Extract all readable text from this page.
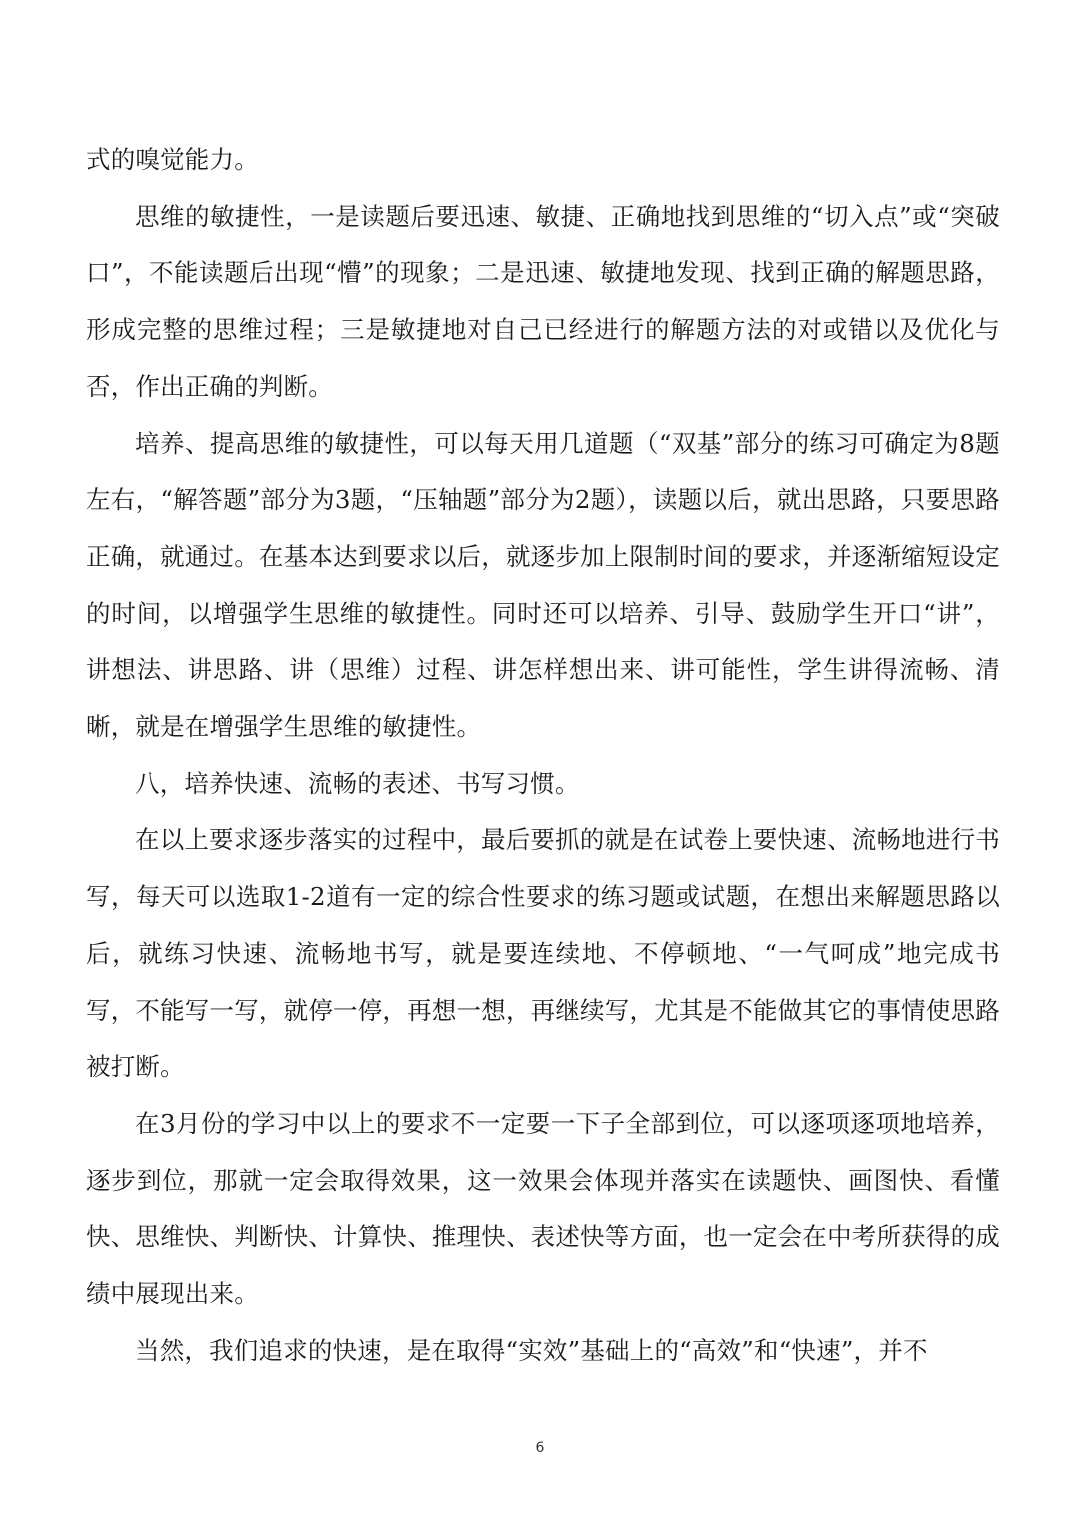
式的嗅觉能力。

思维的敏捷性，一是读题后要迅速、敏捷、正确地找到思维的“切入点”或“突破口”，不能读题后出现“懵”的现象；二是迅速、敏捷地发现、找到正确的解题思路，形成完整的思维过程；三是敏捷地对自己已经进行的解题方法的对或错以及优化与否，作出正确的判断。

培养、提高思维的敏捷性，可以每天用几道题（“双基”部分的练习可确定为8题左右，“解答题”部分为3题，“压轴题”部分为2题），读题以后，就出思路，只要思路正确，就通过。在基本达到要求以后，就逐步加上限制时间的要求，并逐渐缩短设定的时间，以增强学生思维的敏捷性。同时还可以培养、引导、鼓励学生开口“讲”，讲想法、讲思路、讲（思维）过程、讲怎样想出来、讲可能性，学生讲得流畅、清晰，就是在增强学生思维的敏捷性。

八，培养快速、流畅的表述、书写习惯。

在以上要求逐步落实的过程中，最后要抓的就是在试卷上要快速、流畅地进行书写，每天可以选取1-2道有一定的综合性要求的练习题或试题，在想出来解题思路以后，就练习快速、流畅地书写，就是要连续地、不停顿地、“一气呵成”地完成书写，不能写一写，就停一停，再想一想，再继续写，尤其是不能做其它的事情使思路被打断。

在3月份的学习中以上的要求不一定要一下子全部到位，可以逐项逐项地培养，逐步到位，那就一定会取得效果，这一效果会体现并落实在读题快、画图快、看懂快、思维快、判断快、计算快、推理快、表述快等方面，也一定会在中考所获得的成绩中展现出来。

当然，我们追求的快速，是在取得“实效”基础上的“高效”和“快速”，并不

6
